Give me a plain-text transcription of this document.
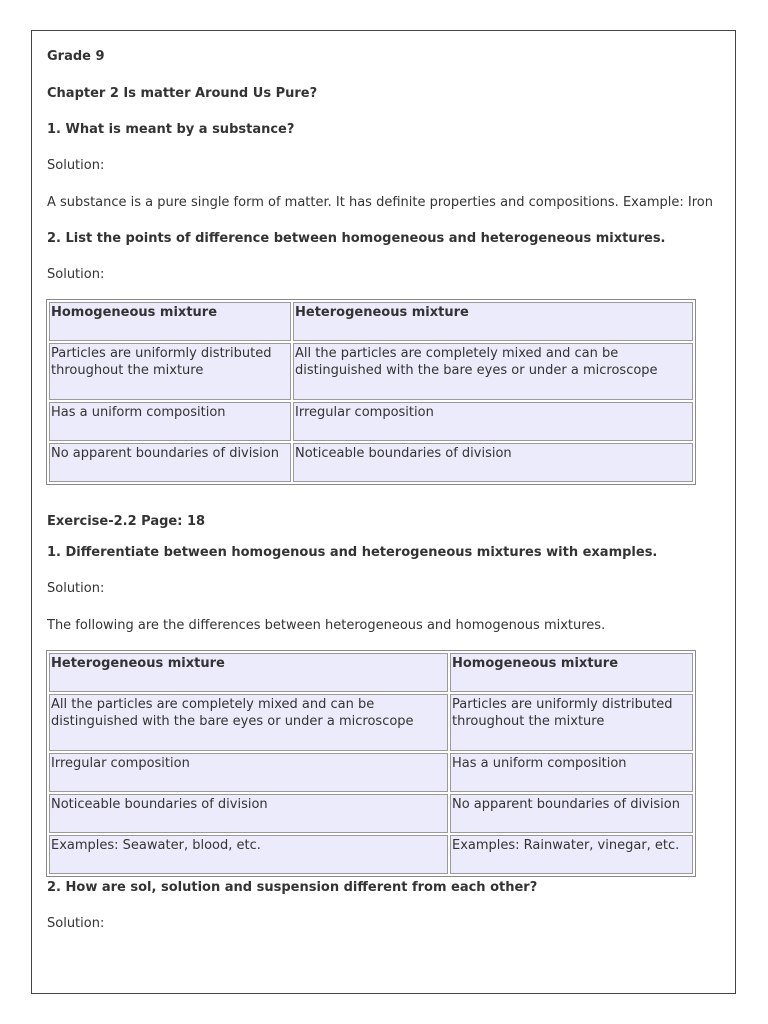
Grade 9

Chapter 2 Is matter Around Us Pure?

1. What is meant by a substance?

Solution:

A substance is a pure single form of matter. It has definite properties and compositions. Example: Iron

2. List the points of difference between homogeneous and heterogeneous mixtures.

Solution:

Homogeneous mixture	Heterogeneous mixture
Particles are uniformly distributed throughout the mixture	All the particles are completely mixed and can be distinguished with the bare eyes or under a microscope
Has a uniform composition	Irregular composition
No apparent boundaries of division	Noticeable boundaries of division

Exercise-2.2 Page: 18

1. Differentiate between homogenous and heterogeneous mixtures with examples.

Solution:

The following are the differences between heterogeneous and homogenous mixtures.

Heterogeneous mixture	Homogeneous mixture
All the particles are completely mixed and can be distinguished with the bare eyes or under a microscope	Particles are uniformly distributed throughout the mixture
Irregular composition	Has a uniform composition
Noticeable boundaries of division	No apparent boundaries of division
Examples: Seawater, blood, etc.	Examples: Rainwater, vinegar, etc.

2. How are sol, solution and suspension different from each other?

Solution:
